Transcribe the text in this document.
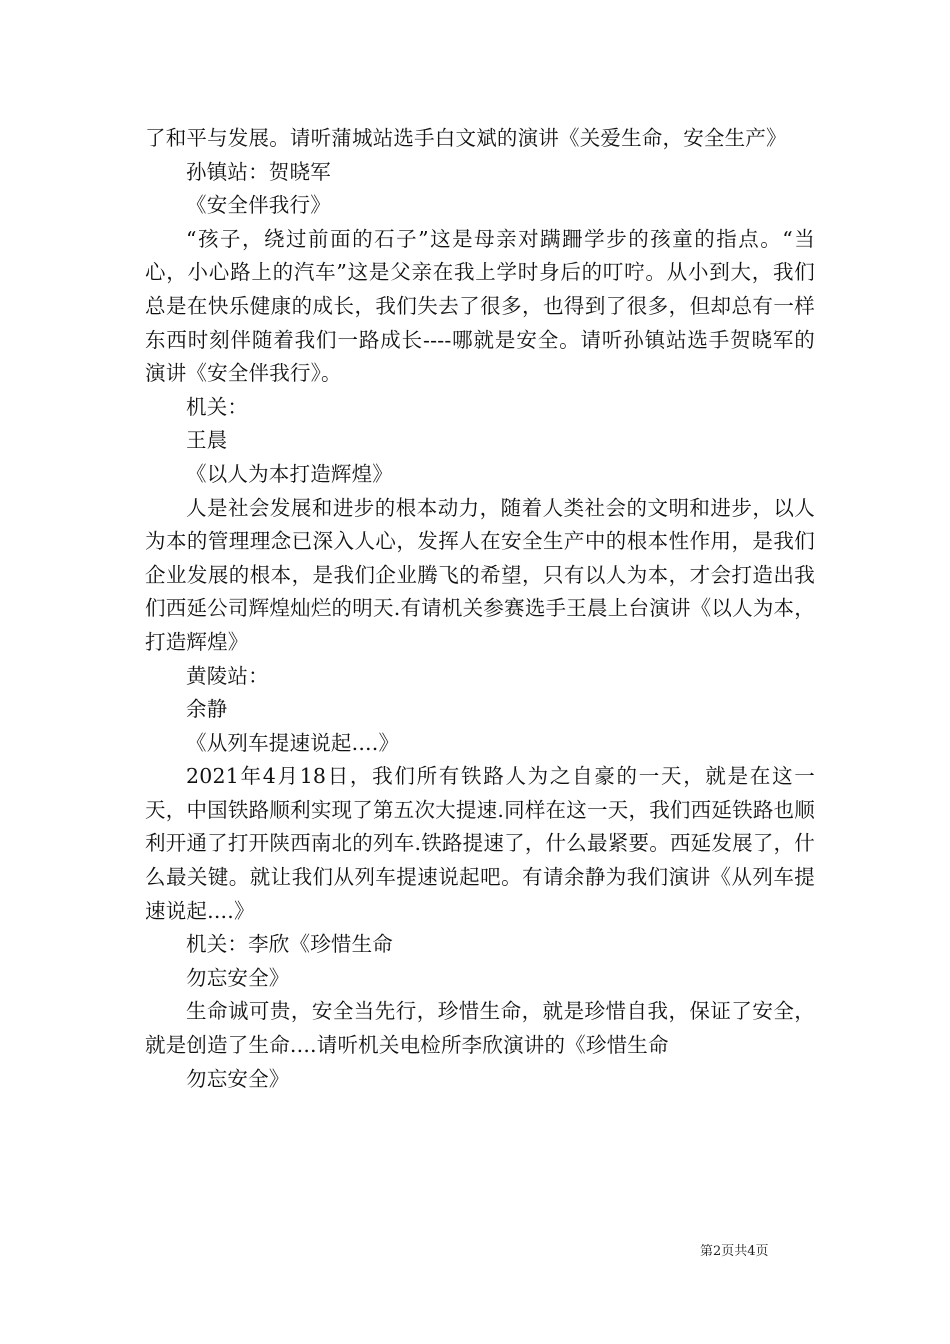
了和平与发展。请听蒲城站选手白文斌的演讲《关爱生命，安全生产》

孙镇站：贺晓军

《安全伴我行》

“孩子，绕过前面的石子”这是母亲对蹒跚学步的孩童的指点。“当心，小心路上的汽车”这是父亲在我上学时身后的叮咛。从小到大，我们总是在快乐健康的成长，我们失去了很多，也得到了很多，但却总有一样东西时刻伴随着我们一路成长----哪就是安全。请听孙镇站选手贺晓军的演讲《安全伴我行》。

机关：

王晨

《以人为本打造辉煌》

人是社会发展和进步的根本动力，随着人类社会的文明和进步，以人为本的管理理念已深入人心，发挥人在安全生产中的根本性作用，是我们企业发展的根本，是我们企业腾飞的希望，只有以人为本，才会打造出我们西延公司辉煌灿烂的明天.有请机关参赛选手王晨上台演讲《以人为本，打造辉煌》

黄陵站：

余静

《从列车提速说起....》

2021年4月18日，我们所有铁路人为之自豪的一天，就是在这一天，中国铁路顺利实现了第五次大提速.同样在这一天，我们西延铁路也顺利开通了打开陕西南北的列车.铁路提速了，什么最紧要。西延发展了，什么最关键。就让我们从列车提速说起吧。有请余静为我们演讲《从列车提速说起....》

机关：李欣《珍惜生命

勿忘安全》

生命诚可贵，安全当先行，珍惜生命，就是珍惜自我，保证了安全，就是创造了生命....请听机关电检所李欣演讲的《珍惜生命

勿忘安全》

第2页共4页
